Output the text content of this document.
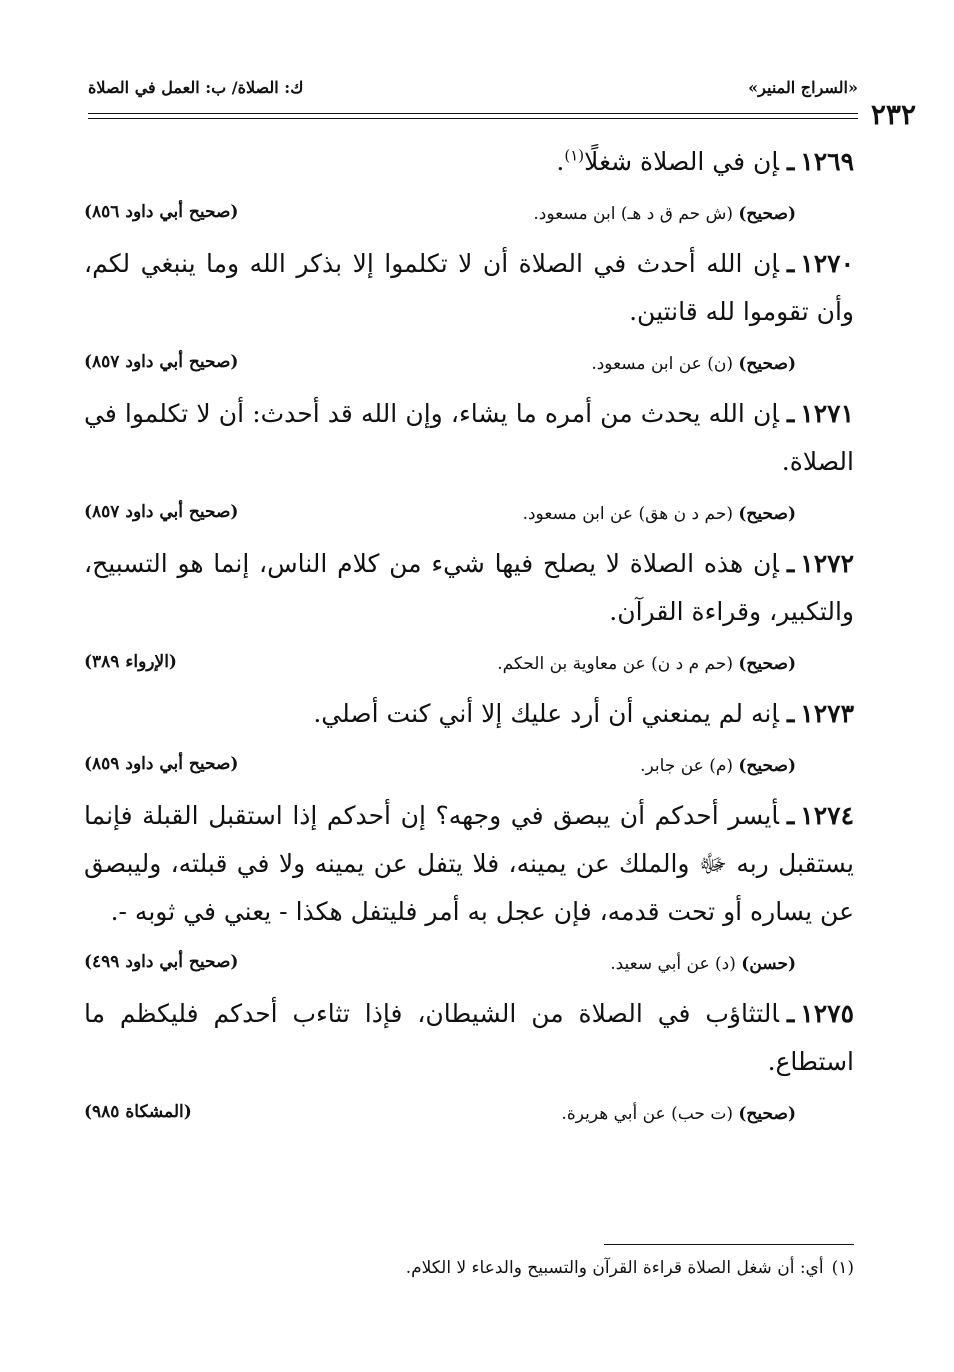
«السراج المنير»
ك: الصلاة/ ب: العمل في الصلاة
٢٣٢
١٢٦٩ـإن في الصلاة شغلًا$^{(١)}$.
(صحيح) (ش حم ق د هـ) ابن مسعود.
(صحيح أبي داود ٨٥٦)
١٢٧٠ـإن الله أحدث في الصلاة أن لا تكلموا إلا بذكر الله وما ينبغي لكم، وأن تقوموا لله قانتين.
(صحيح) (ن) عن ابن مسعود.
(صحيح أبي داود ٨٥٧)
١٢٧١ـإن الله يحدث من أمره ما يشاء، وإن الله قد أحدث: أن لا تكلموا في الصلاة.
(صحيح) (حم د ن هق) عن ابن مسعود.
(صحيح أبي داود ٨٥٧)
١٢٧٢ـإن هذه الصلاة لا يصلح فيها شيء من كلام الناس، إنما هو التسبيح، والتكبير، وقراءة القرآن.
(صحيح) (حم م د ن) عن معاوية بن الحكم.
(الإرواء ٣٨٩)
١٢٧٣ـإنه لم يمنعني أن أرد عليك إلا أني كنت أصلي.
(صحيح) (م) عن جابر.
(صحيح أبي داود ٨٥٩)
١٢٧٤ـأيسر أحدكم أن يبصق في وجهه؟ إن أحدكم إذا استقبل القبلة فإنما يستقبل ربه ﷻ والملك عن يمينه، فلا يتفل عن يمينه ولا في قبلته، وليبصق عن يساره أو تحت قدمه، فإن عجل به أمر فليتفل هكذا - يعني في ثوبه -.
(حسن) (د) عن أبي سعيد.
(صحيح أبي داود ٤٩٩)
١٢٧٥ـالتثاؤب في الصلاة من الشيطان، فإذا تثاءب أحدكم فليكظم ما استطاع.
(صحيح) (ت حب) عن أبي هريرة.
(المشكاة ٩٨٥)
(١)أي: أن شغل الصلاة قراءة القرآن والتسبيح والدعاء لا الكلام.
